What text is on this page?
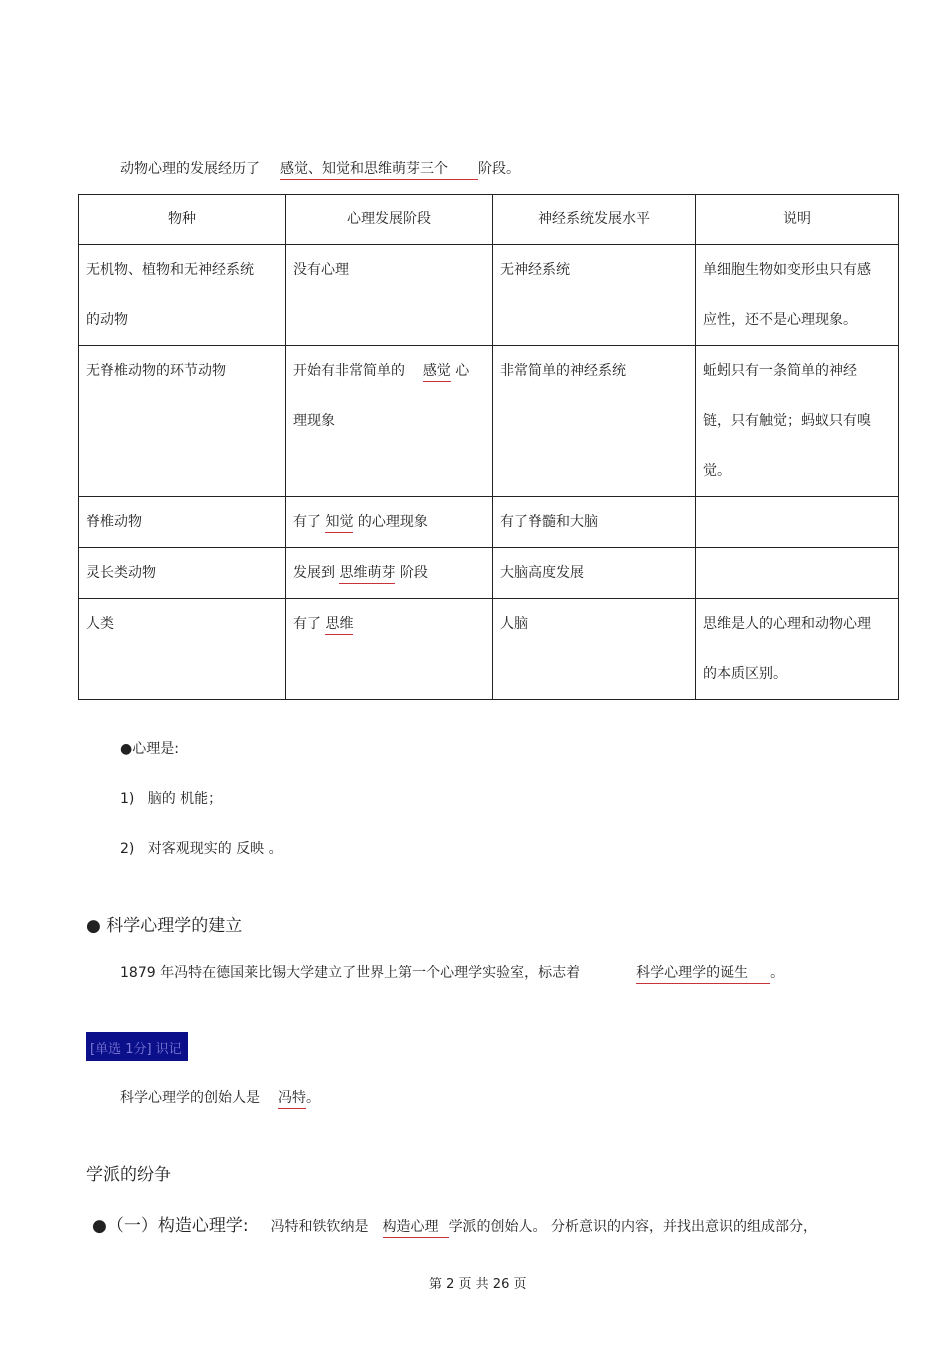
动物心理的发展经历了 感觉、知觉和思维萌芽三个 阶段。
物种	心理发展阶段	神经系统发展水平	说明

无机物、植物和无神经系统的动物	没有心理	无神经系统	单细胞生物如变形虫只有感应性，还不是心理现象。

无脊椎动物的环节动物	开始有非常简单的 感觉 心理现象	非常简单的神经系统	蚯蚓只有一条简单的神经链，只有触觉；蚂蚁只有嗅觉。

脊椎动物	有了 知觉 的心理现象	有了脊髓和大脑	

灵长类动物	发展到 思维萌芽 阶段	大脑高度发展	

人类	有了 思维	人脑	思维是人的心理和动物心理的本质区别。
●心理是:
1) 脑的 机能；
2) 对客观现实的 反映 。
● 科学心理学的建立
1879 年冯特在德国莱比锡大学建立了世界上第一个心理学实验室，标志着	科学心理学的诞生 。
[单选 1分] 识记
科学心理学的创始人是 冯特。
学派的纷争
●（一）构造心理学: 冯特和铁钦纳是 构造心理 学派的创始人。 分析意识的内容，并找出意识的组成部分，
第 2 页 共 26 页
